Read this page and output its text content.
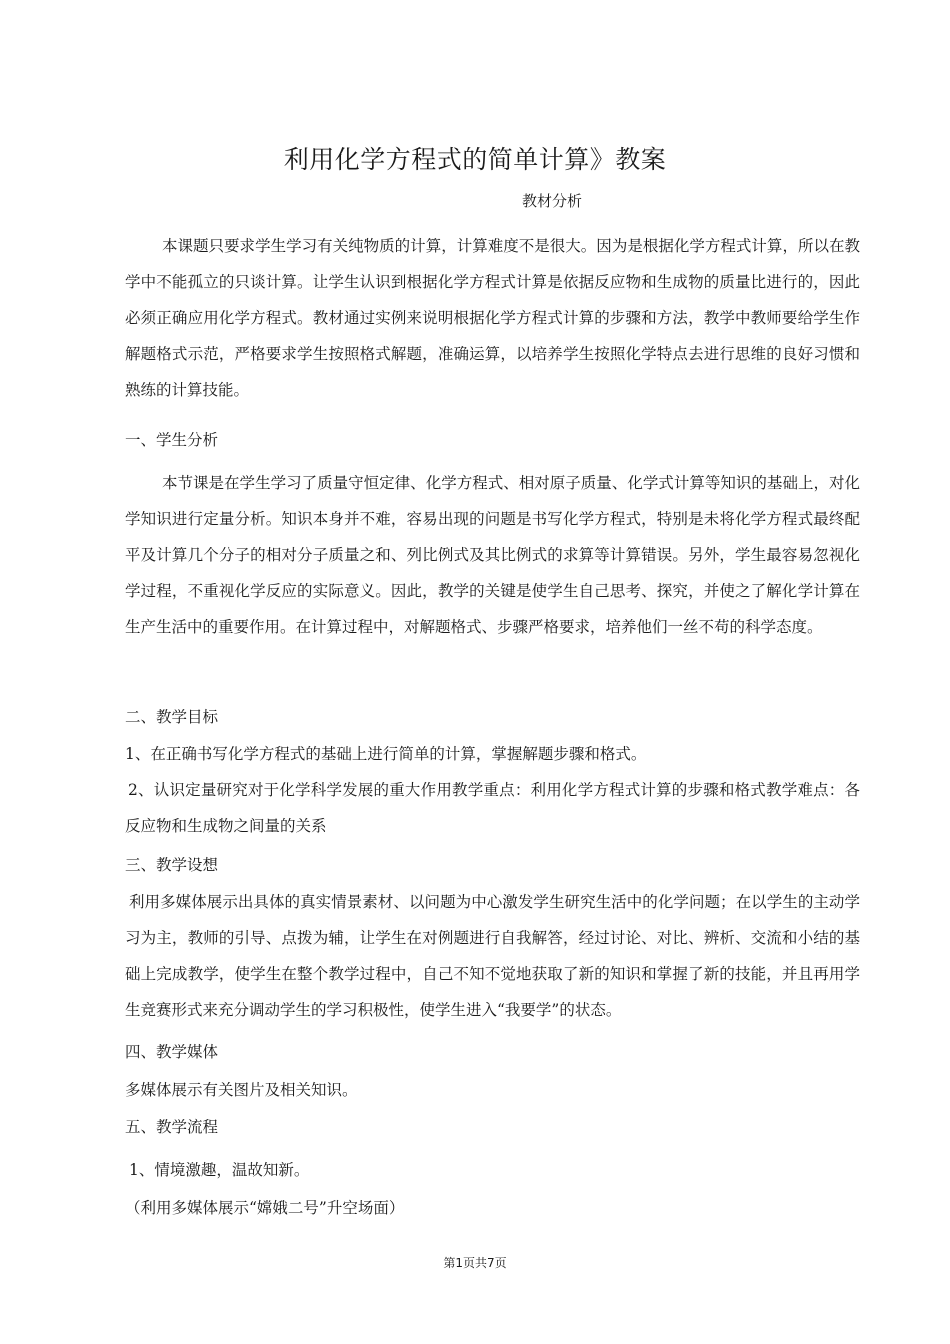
利用化学方程式的简单计算》教案
教材分析

本课题只要求学生学习有关纯物质的计算，计算难度不是很大。因为是根据化学方程式计算，所以在教学中不能孤立的只谈计算。让学生认识到根据化学方程式计算是依据反应物和生成物的质量比进行的，因此必须正确应用化学方程式。教材通过实例来说明根据化学方程式计算的步骤和方法，教学中教师要给学生作解题格式示范，严格要求学生按照格式解题，准确运算，以培养学生按照化学特点去进行思维的良好习惯和熟练的计算技能。

一、学生分析

本节课是在学生学习了质量守恒定律、化学方程式、相对原子质量、化学式计算等知识的基础上，对化学知识进行定量分析。知识本身并不难，容易出现的问题是书写化学方程式，特别是未将化学方程式最终配平及计算几个分子的相对分子质量之和、列比例式及其比例式的求算等计算错误。另外，学生最容易忽视化学过程，不重视化学反应的实际意义。因此，教学的关键是使学生自己思考、探究，并使之了解化学计算在生产生活中的重要作用。在计算过程中，对解题格式、步骤严格要求，培养他们一丝不苟的科学态度。

二、教学目标
1、在正确书写化学方程式的基础上进行简单的计算，掌握解题步骤和格式。

2、认识定量研究对于化学科学发展的重大作用教学重点：利用化学方程式计算的步骤和格式教学难点：各反应物和生成物之间量的关系

三、教学设想

利用多媒体展示出具体的真实情景素材、以问题为中心激发学生研究生活中的化学问题；在以学生的主动学习为主，教师的引导、点拨为辅，让学生在对例题进行自我解答，经过讨论、对比、辨析、交流和小结的基础上完成教学，使学生在整个教学过程中，自己不知不觉地获取了新的知识和掌握了新的技能，并且再用学生竞赛形式来充分调动学生的学习积极性，使学生进入“我要学”的状态。

四、教学媒体
多媒体展示有关图片及相关知识。
五、教学流程
1、情境激趣，温故知新。
（利用多媒体展示“嫦娥二号”升空场面）
第1页共7页
